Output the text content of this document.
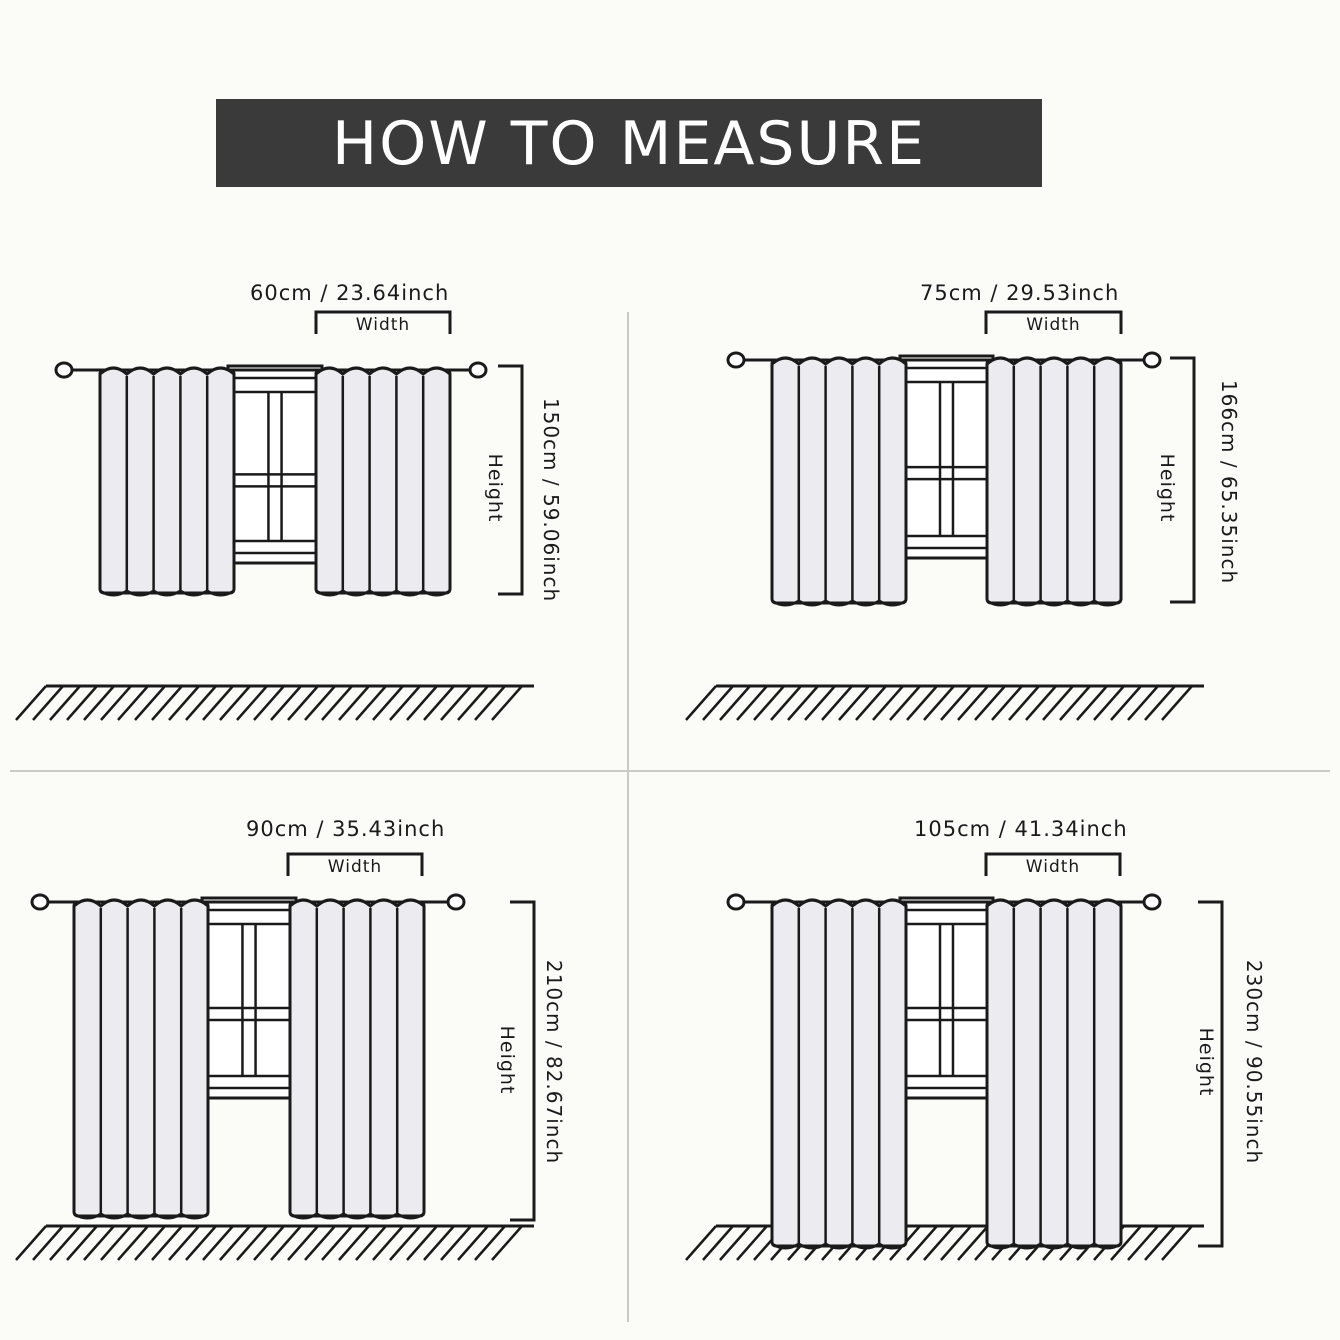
HOW TO MEASURE
60cm / 23.64inch
Width
Height 150cm / 59.06inch
75cm / 29.53inch
Width
Height 166cm / 65.35inch
90cm / 35.43inch
Width
Height 210cm / 82.67inch
105cm / 41.34inch
Width
Height 230cm / 90.55inch
